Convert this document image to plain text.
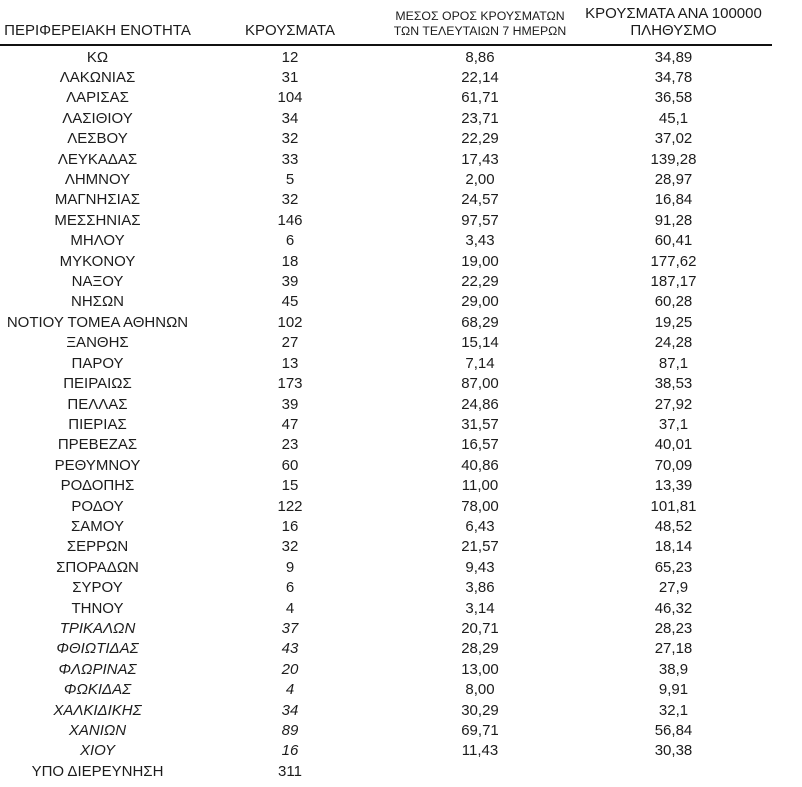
ΠΕΡΙΦΕΡΕΙΑΚΗ ΕΝΟΤΗΤΑ	ΚΡΟΥΣΜΑΤΑ	ΜΕΣΟΣ ΟΡΟΣ ΚΡΟΥΣΜΑΤΩΝ ΤΩΝ ΤΕΛΕΥΤΑΙΩΝ 7 ΗΜΕΡΩΝ	ΚΡΟΥΣΜΑΤΑ ΑΝΑ 100000 ΠΛΗΘΥΣΜΟ
ΚΩ	12	8,86	34,89
ΛΑΚΩΝΙΑΣ	31	22,14	34,78
ΛΑΡΙΣΑΣ	104	61,71	36,58
ΛΑΣΙΘΙΟΥ	34	23,71	45,1
ΛΕΣΒΟΥ	32	22,29	37,02
ΛΕΥΚΑΔΑΣ	33	17,43	139,28
ΛΗΜΝΟΥ	5	2,00	28,97
ΜΑΓΝΗΣΙΑΣ	32	24,57	16,84
ΜΕΣΣΗΝΙΑΣ	146	97,57	91,28
ΜΗΛΟΥ	6	3,43	60,41
ΜΥΚΟΝΟΥ	18	19,00	177,62
ΝΑΞΟΥ	39	22,29	187,17
ΝΗΣΩΝ	45	29,00	60,28
ΝΟΤΙΟΥ ΤΟΜΕΑ ΑΘΗΝΩΝ	102	68,29	19,25
ΞΑΝΘΗΣ	27	15,14	24,28
ΠΑΡΟΥ	13	7,14	87,1
ΠΕΙΡΑΙΩΣ	173	87,00	38,53
ΠΕΛΛΑΣ	39	24,86	27,92
ΠΙΕΡΙΑΣ	47	31,57	37,1
ΠΡΕΒΕΖΑΣ	23	16,57	40,01
ΡΕΘΥΜΝΟΥ	60	40,86	70,09
ΡΟΔΟΠΗΣ	15	11,00	13,39
ΡΟΔΟΥ	122	78,00	101,81
ΣΑΜΟΥ	16	6,43	48,52
ΣΕΡΡΩΝ	32	21,57	18,14
ΣΠΟΡΑΔΩΝ	9	9,43	65,23
ΣΥΡΟΥ	6	3,86	27,9
ΤΗΝΟΥ	4	3,14	46,32
ΤΡΙΚΑΛΩΝ	37	20,71	28,23
ΦΘΙΩΤΙΔΑΣ	43	28,29	27,18
ΦΛΩΡΙΝΑΣ	20	13,00	38,9
ΦΩΚΙΔΑΣ	4	8,00	9,91
ΧΑΛΚΙΔΙΚΗΣ	34	30,29	32,1
ΧΑΝΙΩΝ	89	69,71	56,84
ΧΙΟΥ	16	11,43	30,38
ΥΠΟ ΔΙΕΡΕΥΝΗΣΗ	311		
